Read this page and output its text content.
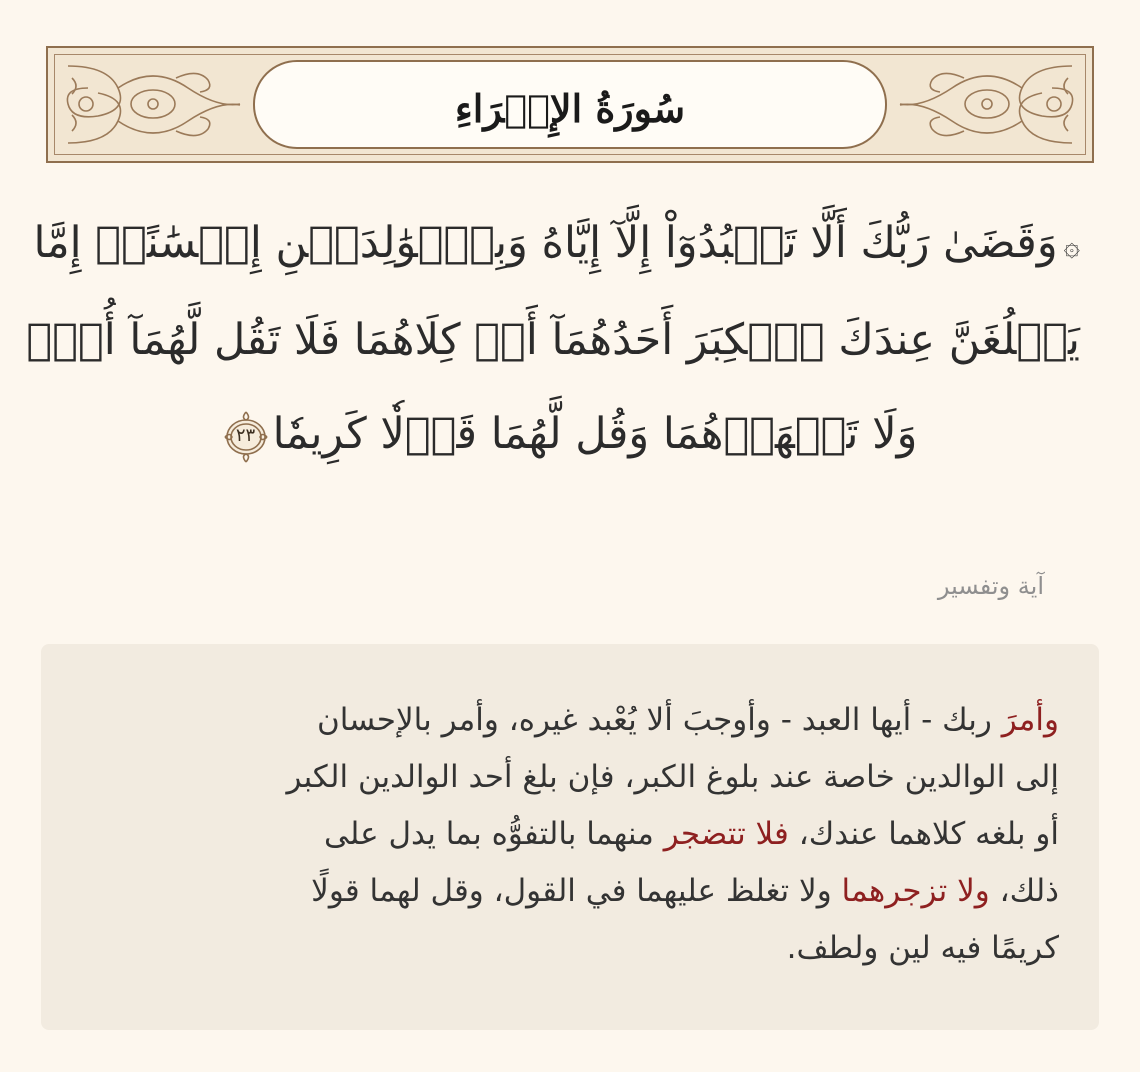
سُورَةُ الإِسۡرَاءِ
۞وَقَضَىٰ رَبُّكَ أَلَّا تَعۡبُدُوٓاْ إِلَّآ إِيَّاهُ وَبِٱلۡوَٰلِدَيۡنِ إِحۡسَٰنًاۚ إِمَّا
يَبۡلُغَنَّ عِندَكَ ٱلۡكِبَرَ أَحَدُهُمَآ أَوۡ كِلَاهُمَا فَلَا تَقُل لَّهُمَآ أُفّٖ
وَلَا تَنۡهَرۡهُمَا وَقُل لَّهُمَا قَوۡلٗا كَرِيمٗا
٢٣
آية وتفسير
وأمرَ ربك - أيها العبد - وأوجبَ ألا يُعْبد غيره، وأمر بالإحسان
إلى الوالدين خاصة عند بلوغ الكبر، فإن بلغ أحد الوالدين الكبر
أو بلغه كلاهما عندك، فلا تتضجر منهما بالتفوُّه بما يدل على
ذلك، ولا تزجرهما ولا تغلظ عليهما في القول، وقل لهما قولًا
كريمًا فيه لين ولطف.
